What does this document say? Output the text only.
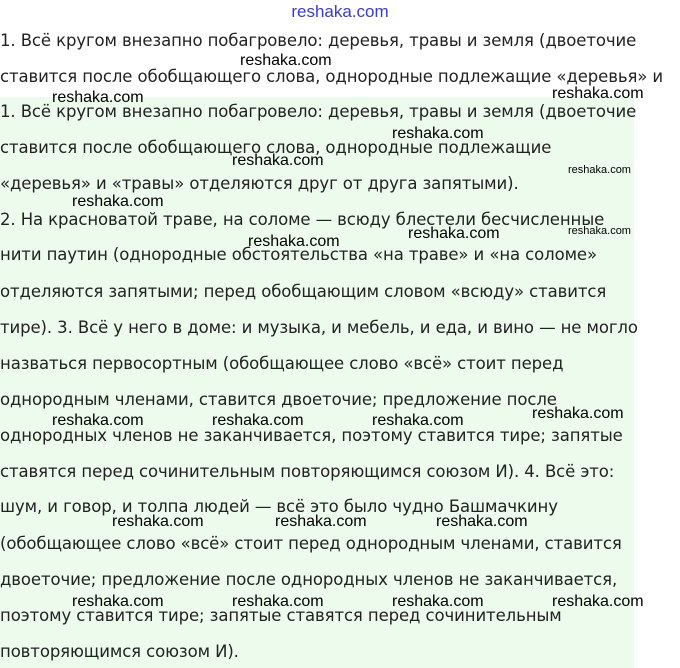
reshaka.com
1. Всё кругом внезапно побагровело: деревья, травы и земля (двоеточие
ставится после обобщающего слова, однородные подлежащие «деревья» и
1. Всё кругом внезапно побагровело: деревья, травы и земля (двоеточие
ставится после обобщающего слова, однородные подлежащие
«деревья» и «травы» отделяются друг от друга запятыми).
2. На красноватой траве, на соломе — всюду блестели бесчисленные
нити паутин (однородные обстоятельства «на траве» и «на соломе»
отделяются запятыми; перед обобщающим словом «всюду» ставится
тире). 3. Всё у него в доме: и музыка, и мебель, и еда, и вино — не могло
назваться первосортным (обобщающее слово «всё» стоит перед
однородным членами, ставится двоеточие; предложение после
однородных членов не заканчивается, поэтому ставится тире; запятые
ставятся перед сочинительным повторяющимся союзом И). 4. Всё это:
шум, и говор, и толпа людей — всё это было чудно Башмачкину
(обобщающее слово «всё» стоит перед однородным членами, ставится
двоеточие; предложение после однородных членов не заканчивается,
поэтому ставится тире; запятые ставятся перед сочинительным
повторяющимся союзом И).
reshaka.com
reshaka.com
reshaka.com
reshaka.com
reshaka.com
reshaka.com
reshaka.com
reshaka.com	reshaka.com
reshaka.com
reshaka.com
reshaka.com	reshaka.com	reshaka.com
reshaka.com	reshaka.com	reshaka.com
reshaka.com	reshaka.com	reshaka.com	reshaka.com
